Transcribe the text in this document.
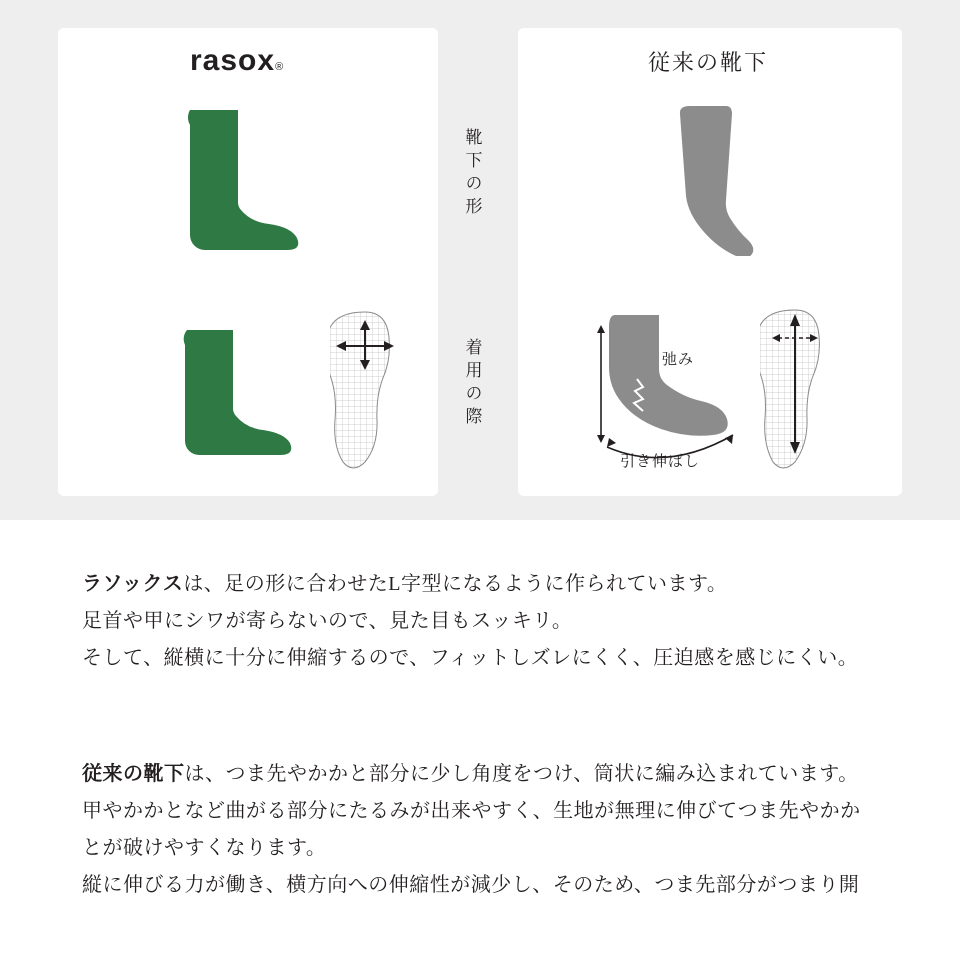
rasox®	従来の靴下
靴下の形
着用の際	弛み
引き伸ばし
ラソックスは、足の形に合わせたL字型になるように作られています。
足首や甲にシワが寄らないので、見た目もスッキリ。
そして、縦横に十分に伸縮するので、フィットしズレにくく、圧迫感を感じにくい。
従来の靴下は、つま先やかかと部分に少し角度をつけ、筒状に編み込まれています。
甲やかかとなど曲がる部分にたるみが出来やすく、生地が無理に伸びてつま先やかか
とが破けやすくなります。
縦に伸びる力が働き、横方向への伸縮性が減少し、そのため、つま先部分がつまり開
